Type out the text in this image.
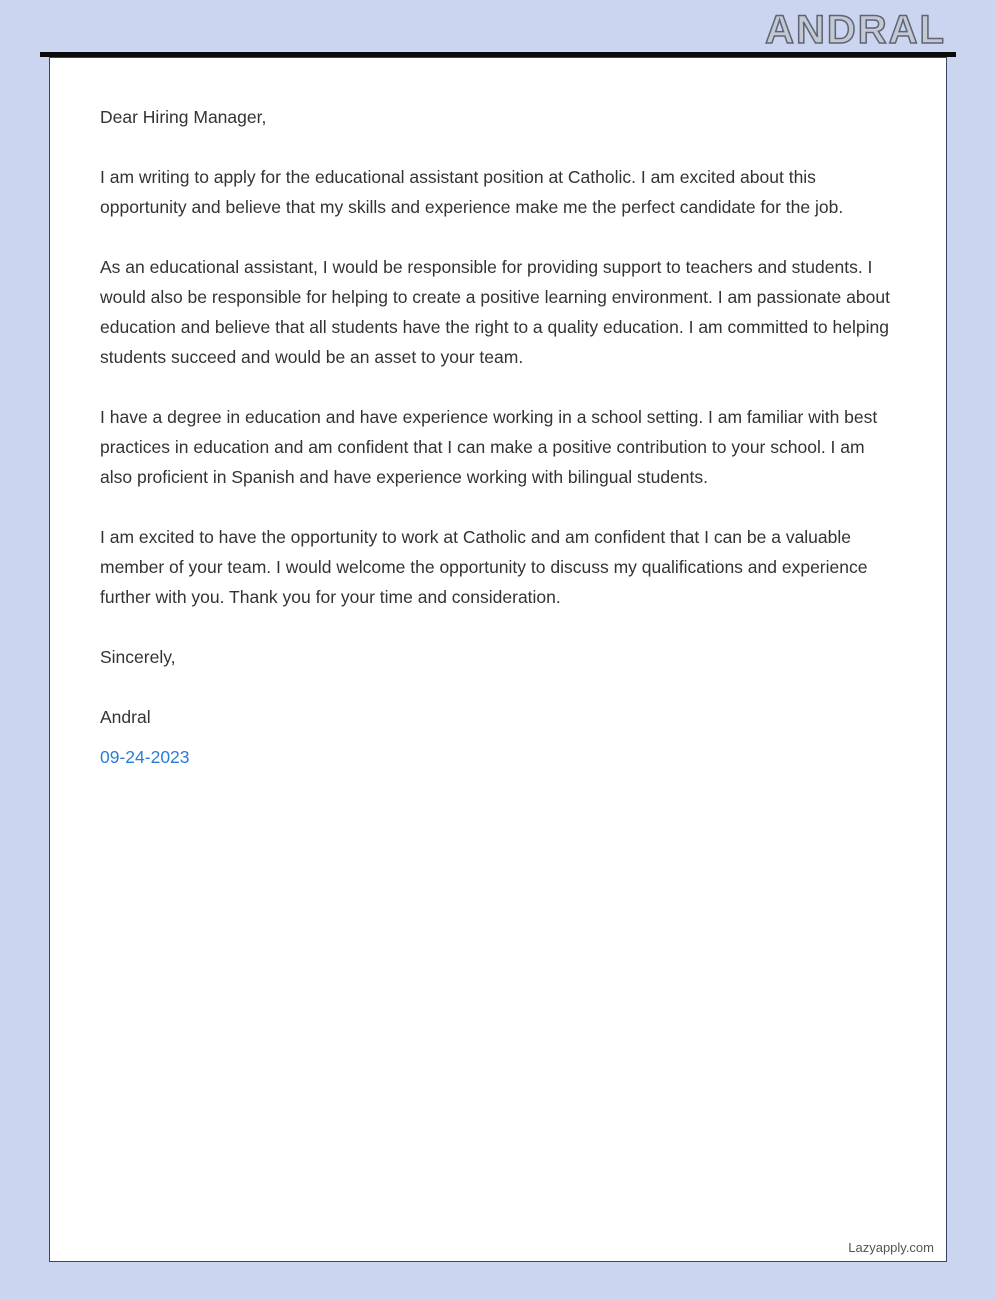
ANDRAL
Dear Hiring Manager,

I am writing to apply for the educational assistant position at Catholic. I am excited about this opportunity and believe that my skills and experience make me the perfect candidate for the job.

As an educational assistant, I would be responsible for providing support to teachers and students. I would also be responsible for helping to create a positive learning environment. I am passionate about education and believe that all students have the right to a quality education. I am committed to helping students succeed and would be an asset to your team.

I have a degree in education and have experience working in a school setting. I am familiar with best practices in education and am confident that I can make a positive contribution to your school. I am also proficient in Spanish and have experience working with bilingual students.

I am excited to have the opportunity to work at Catholic and am confident that I can be a valuable member of your team. I would welcome the opportunity to discuss my qualifications and experience further with you. Thank you for your time and consideration.

Sincerely,
Andral
09-24-2023
Lazyapply.com
